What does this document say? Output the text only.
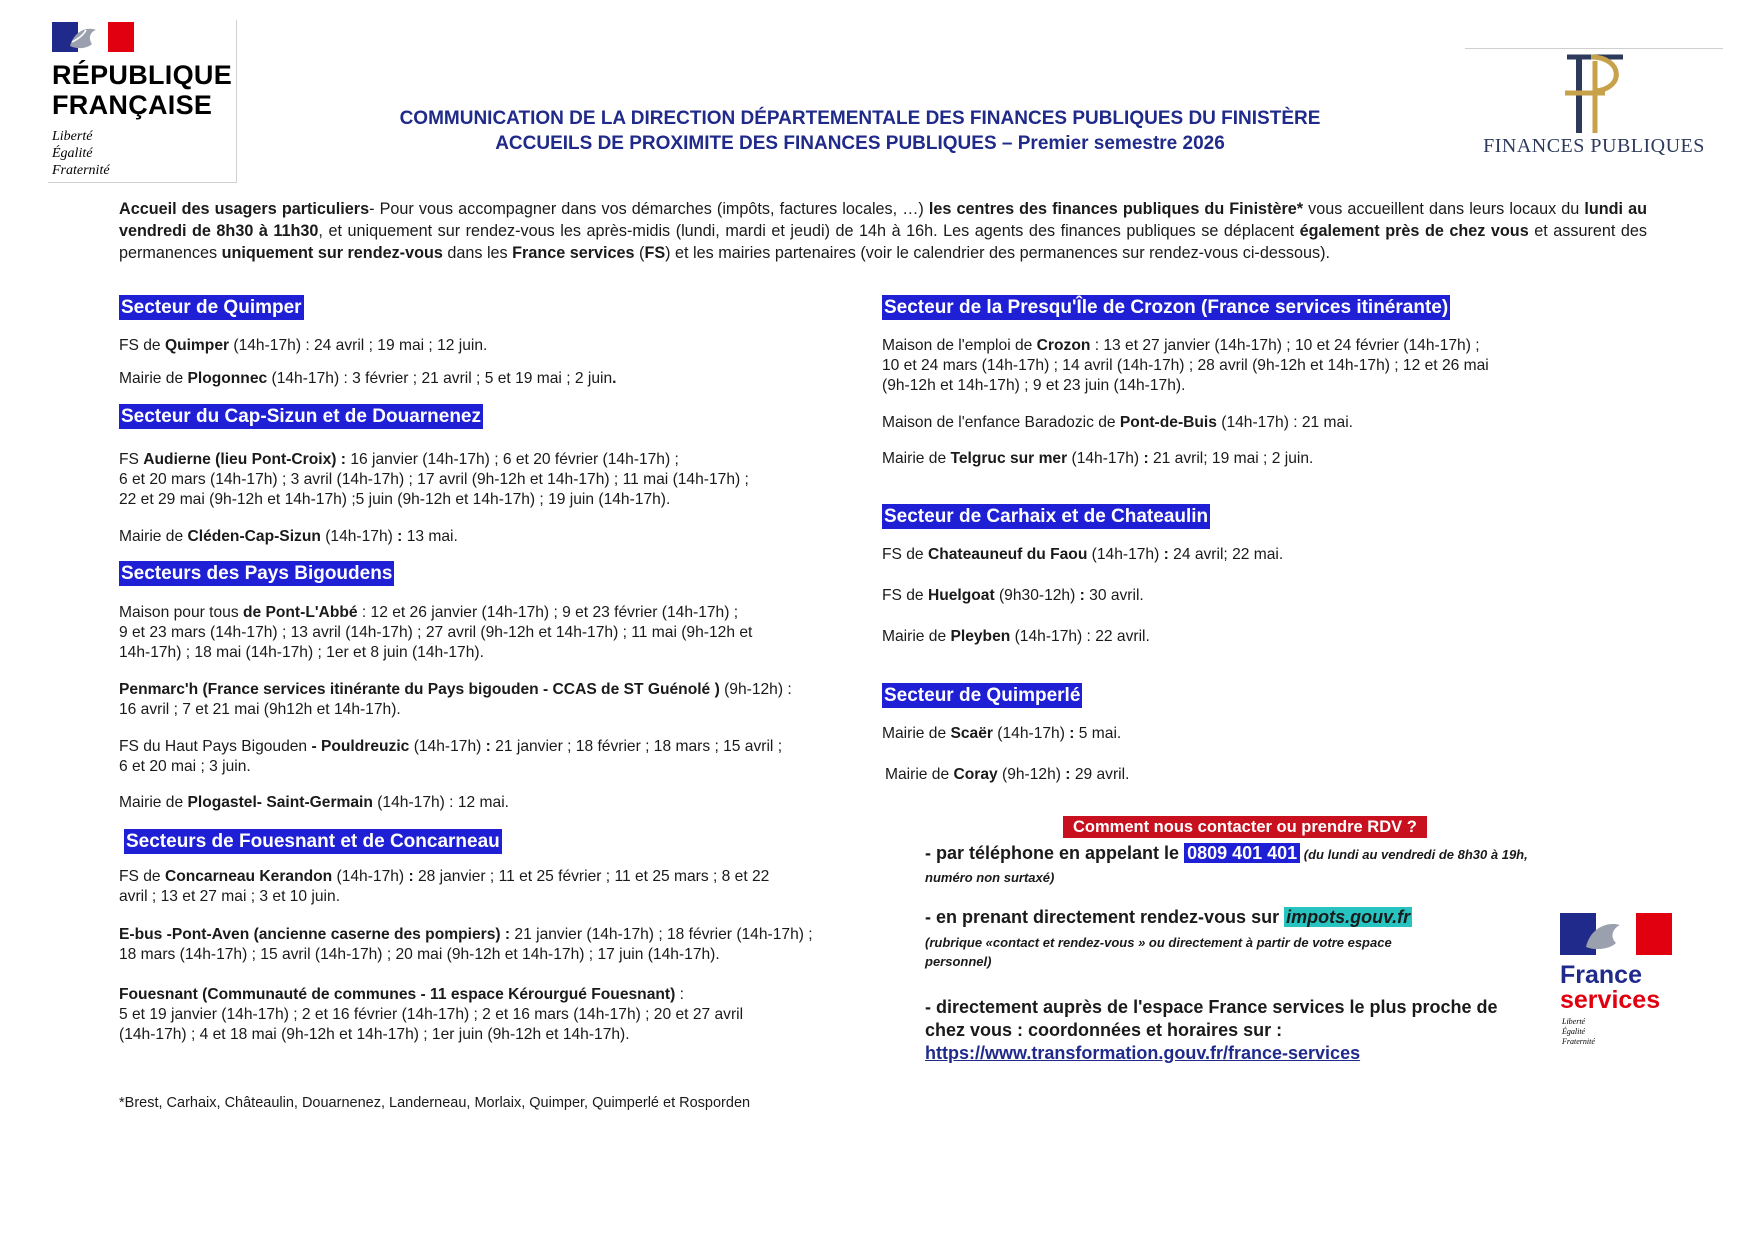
RÉPUBLIQUE
FRANÇAISE
Liberté
Égalité
Fraternité
FINANCES PUBLIQUES
COMMUNICATION DE LA DIRECTION DÉPARTEMENTALE DES FINANCES PUBLIQUES DU FINISTÈRE
ACCUEILS DE PROXIMITE DES FINANCES PUBLIQUES – Premier semestre 2026
Accueil des usagers particuliers- Pour vous accompagner dans vos démarches (impôts, factures locales, …) les centres des finances publiques du Finistère* vous accueillent dans leurs locaux du lundi au vendredi de 8h30 à 11h30, et uniquement sur rendez-vous les après-midis (lundi, mardi et jeudi) de 14h à 16h. Les agents des finances publiques se déplacent également près de chez vous et assurent des permanences uniquement sur rendez-vous dans les France services (FS) et les mairies partenaires (voir le calendrier des permanences sur rendez-vous ci-dessous).
Secteur de Quimper
FS de Quimper (14h-17h) : 24 avril ; 19 mai ; 12 juin.
Mairie de Plogonnec (14h-17h) : 3 février ; 21 avril ; 5 et 19 mai ; 2 juin.
Secteur du Cap-Sizun et de Douarnenez
FS Audierne (lieu Pont-Croix) : 16 janvier (14h-17h) ; 6 et 20 février (14h-17h) ;
6 et 20 mars (14h-17h) ; 3 avril (14h-17h) ; 17 avril (9h-12h et 14h-17h) ; 11 mai (14h-17h) ;
22 et 29 mai (9h-12h et 14h-17h) ;5 juin (9h-12h et 14h-17h) ; 19 juin (14h-17h).
Mairie de Cléden-Cap-Sizun (14h-17h) : 13 mai.
Secteurs des Pays Bigoudens
Maison pour tous de Pont-L'Abbé : 12 et 26 janvier (14h-17h) ; 9 et 23 février (14h-17h) ;
9 et 23 mars (14h-17h) ; 13 avril (14h-17h) ; 27 avril (9h-12h et 14h-17h) ; 11 mai (9h-12h et
14h-17h) ; 18 mai (14h-17h) ; 1er et 8 juin (14h-17h).
Penmarc'h (France services itinérante du Pays bigouden - CCAS de ST Guénolé ) (9h-12h) :
16 avril ; 7 et 21 mai (9h12h et 14h-17h).
FS du Haut Pays Bigouden - Pouldreuzic (14h-17h) : 21 janvier ; 18 février ; 18 mars ; 15 avril ;
6 et 20 mai ; 3 juin.
Mairie de Plogastel- Saint-Germain (14h-17h) : 12 mai.
Secteurs de Fouesnant et de Concarneau
FS de Concarneau Kerandon (14h-17h) : 28 janvier ; 11 et 25 février ; 11 et 25 mars ; 8 et 22
avril ; 13 et 27 mai ; 3 et 10 juin.
E-bus -Pont-Aven (ancienne caserne des pompiers) : 21 janvier (14h-17h) ; 18 février (14h-17h) ;
18 mars (14h-17h) ; 15 avril (14h-17h) ; 20 mai (9h-12h et 14h-17h) ; 17 juin (14h-17h).
Fouesnant (Communauté de communes - 11 espace Kérourgué Fouesnant) :
5 et 19 janvier (14h-17h) ; 2 et 16 février (14h-17h) ; 2 et 16 mars (14h-17h) ; 20 et 27 avril
(14h-17h) ; 4 et 18 mai (9h-12h et 14h-17h) ; 1er juin (9h-12h et 14h-17h).
Secteur de la Presqu'Île de Crozon (France services itinérante)
Maison de l'emploi de Crozon : 13 et 27 janvier (14h-17h) ; 10 et 24 février (14h-17h) ;
10 et 24 mars (14h-17h) ; 14 avril (14h-17h) ; 28 avril (9h-12h et 14h-17h) ; 12 et 26 mai
(9h-12h et 14h-17h) ; 9 et 23 juin (14h-17h).
Maison de l'enfance Baradozic de Pont-de-Buis (14h-17h) : 21 mai.
Mairie de Telgruc sur mer (14h-17h) : 21 avril; 19 mai ; 2 juin.
Secteur de Carhaix et de Chateaulin
FS de Chateauneuf du Faou (14h-17h) : 24 avril; 22 mai.
FS de Huelgoat (9h30-12h) : 30 avril.
Mairie de Pleyben (14h-17h) : 22 avril.
Secteur de Quimperlé
Mairie de Scaër (14h-17h) : 5 mai.
Mairie de Coray (9h-12h) : 29 avril.
Comment nous contacter ou prendre RDV ?
- par téléphone en appelant le 0809 401 401 (du lundi au vendredi de 8h30 à 19h,
numéro non surtaxé)
- en prenant directement rendez-vous sur impots.gouv.fr
(rubrique «contact et rendez-vous » ou directement à partir de votre espace
personnel)
- directement auprès de l'espace France services le plus proche de
chez vous : coordonnées et horaires sur :
https://www.transformation.gouv.fr/france-services
France
services
Liberté
Égalité
Fraternité
*Brest, Carhaix, Châteaulin, Douarnenez, Landerneau, Morlaix, Quimper, Quimperlé et Rosporden
